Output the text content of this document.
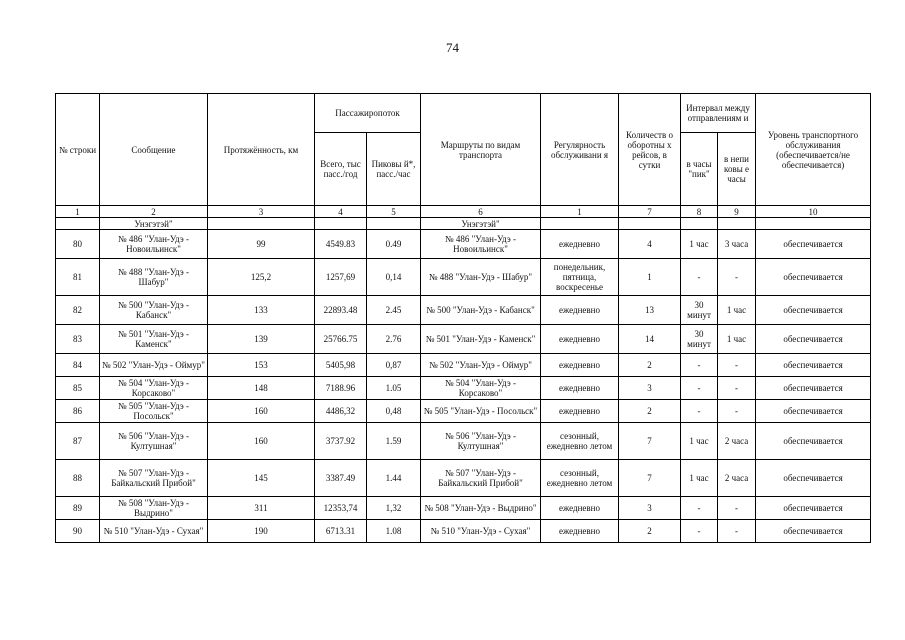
74
№ строки	Сообщение	Протяжённость, км	Пассажиропоток		Маршруты по видам транспорта	Регулярность обслуживани я	Количеств о оборотны х рейсов, в сутки	Интервал между отправлениям и		Уровень транспортного обслуживания (обеспечивается/не обеспечивается)
			Всего, тыс пасс./год	Пиковы й*, пасс./час				в часы "пик"	в непи ковы е часы	
1	2	3	4	5	6	1	7	8	9	10
	Унэгэтэй"				Унэгэтэй"					
80	№ 486 "Улан-Удэ - Новоильинск"	99	4549.83	0.49	№ 486 "Улан-Удэ - Новоильинск"	ежедневно	4	1 час	3 часа	обеспечивается
81	№ 488 "Улан-Удэ - Шабур"	125,2	1257,69	0,14	№ 488 "Улан-Удэ - Шабур"	понедельник, пятница, воскресенье	1	-	-	обеспечивается
82	№ 500 "Улан-Удэ - Кабанск"	133	22893.48	2.45	№ 500 "Улан-Удэ - Кабанск"	ежедневно	13	30 минут	1 час	обеспечивается
83	№ 501 "Улан-Удэ - Каменск"	139	25766.75	2.76	№ 501 "Улан-Удэ - Каменск"	ежедневно	14	30 минут	1 час	обеспечивается
84	№ 502 "Улан-Удэ - Оймур"	153	5405,98	0,87	№ 502 "Улан-Удэ - Оймур"	ежедневно	2	-	-	обеспечивается
85	№ 504 "Улан-Удэ - Корсаково"	148	7188.96	1.05	№ 504 "Улан-Удэ - Корсаково"	ежедневно	3	-	-	обеспечивается
86	№ 505 "Улан-Удэ - Посольск"	160	4486,32	0,48	№ 505 "Улан-Удэ - Посольск"	ежедневно	2	-	-	обеспечивается
87	№ 506 "Улан-Удэ - Култушная"	160	3737.92	1.59	№ 506 "Улан-Удэ - Култушная"	сезонный, ежедневно летом	7	1 час	2 часа	обеспечивается
88	№ 507 "Улан-Удэ - Байкальский Прибой"	145	3387.49	1.44	№ 507 "Улан-Удэ - Байкальский Прибой"	сезонный, ежедневно летом	7	1 час	2 часа	обеспечивается
89	№ 508 "Улан-Удэ - Выдрино"	311	12353,74	1,32	№ 508 "Улан-Удэ - Выдрино"	ежедневно	3	-	-	обеспечивается
90	№ 510 "Улан-Удэ - Сухая"	190	6713.31	1.08	№ 510 "Улан-Удэ - Сухая"	ежедневно	2	-	-	обеспечивается
